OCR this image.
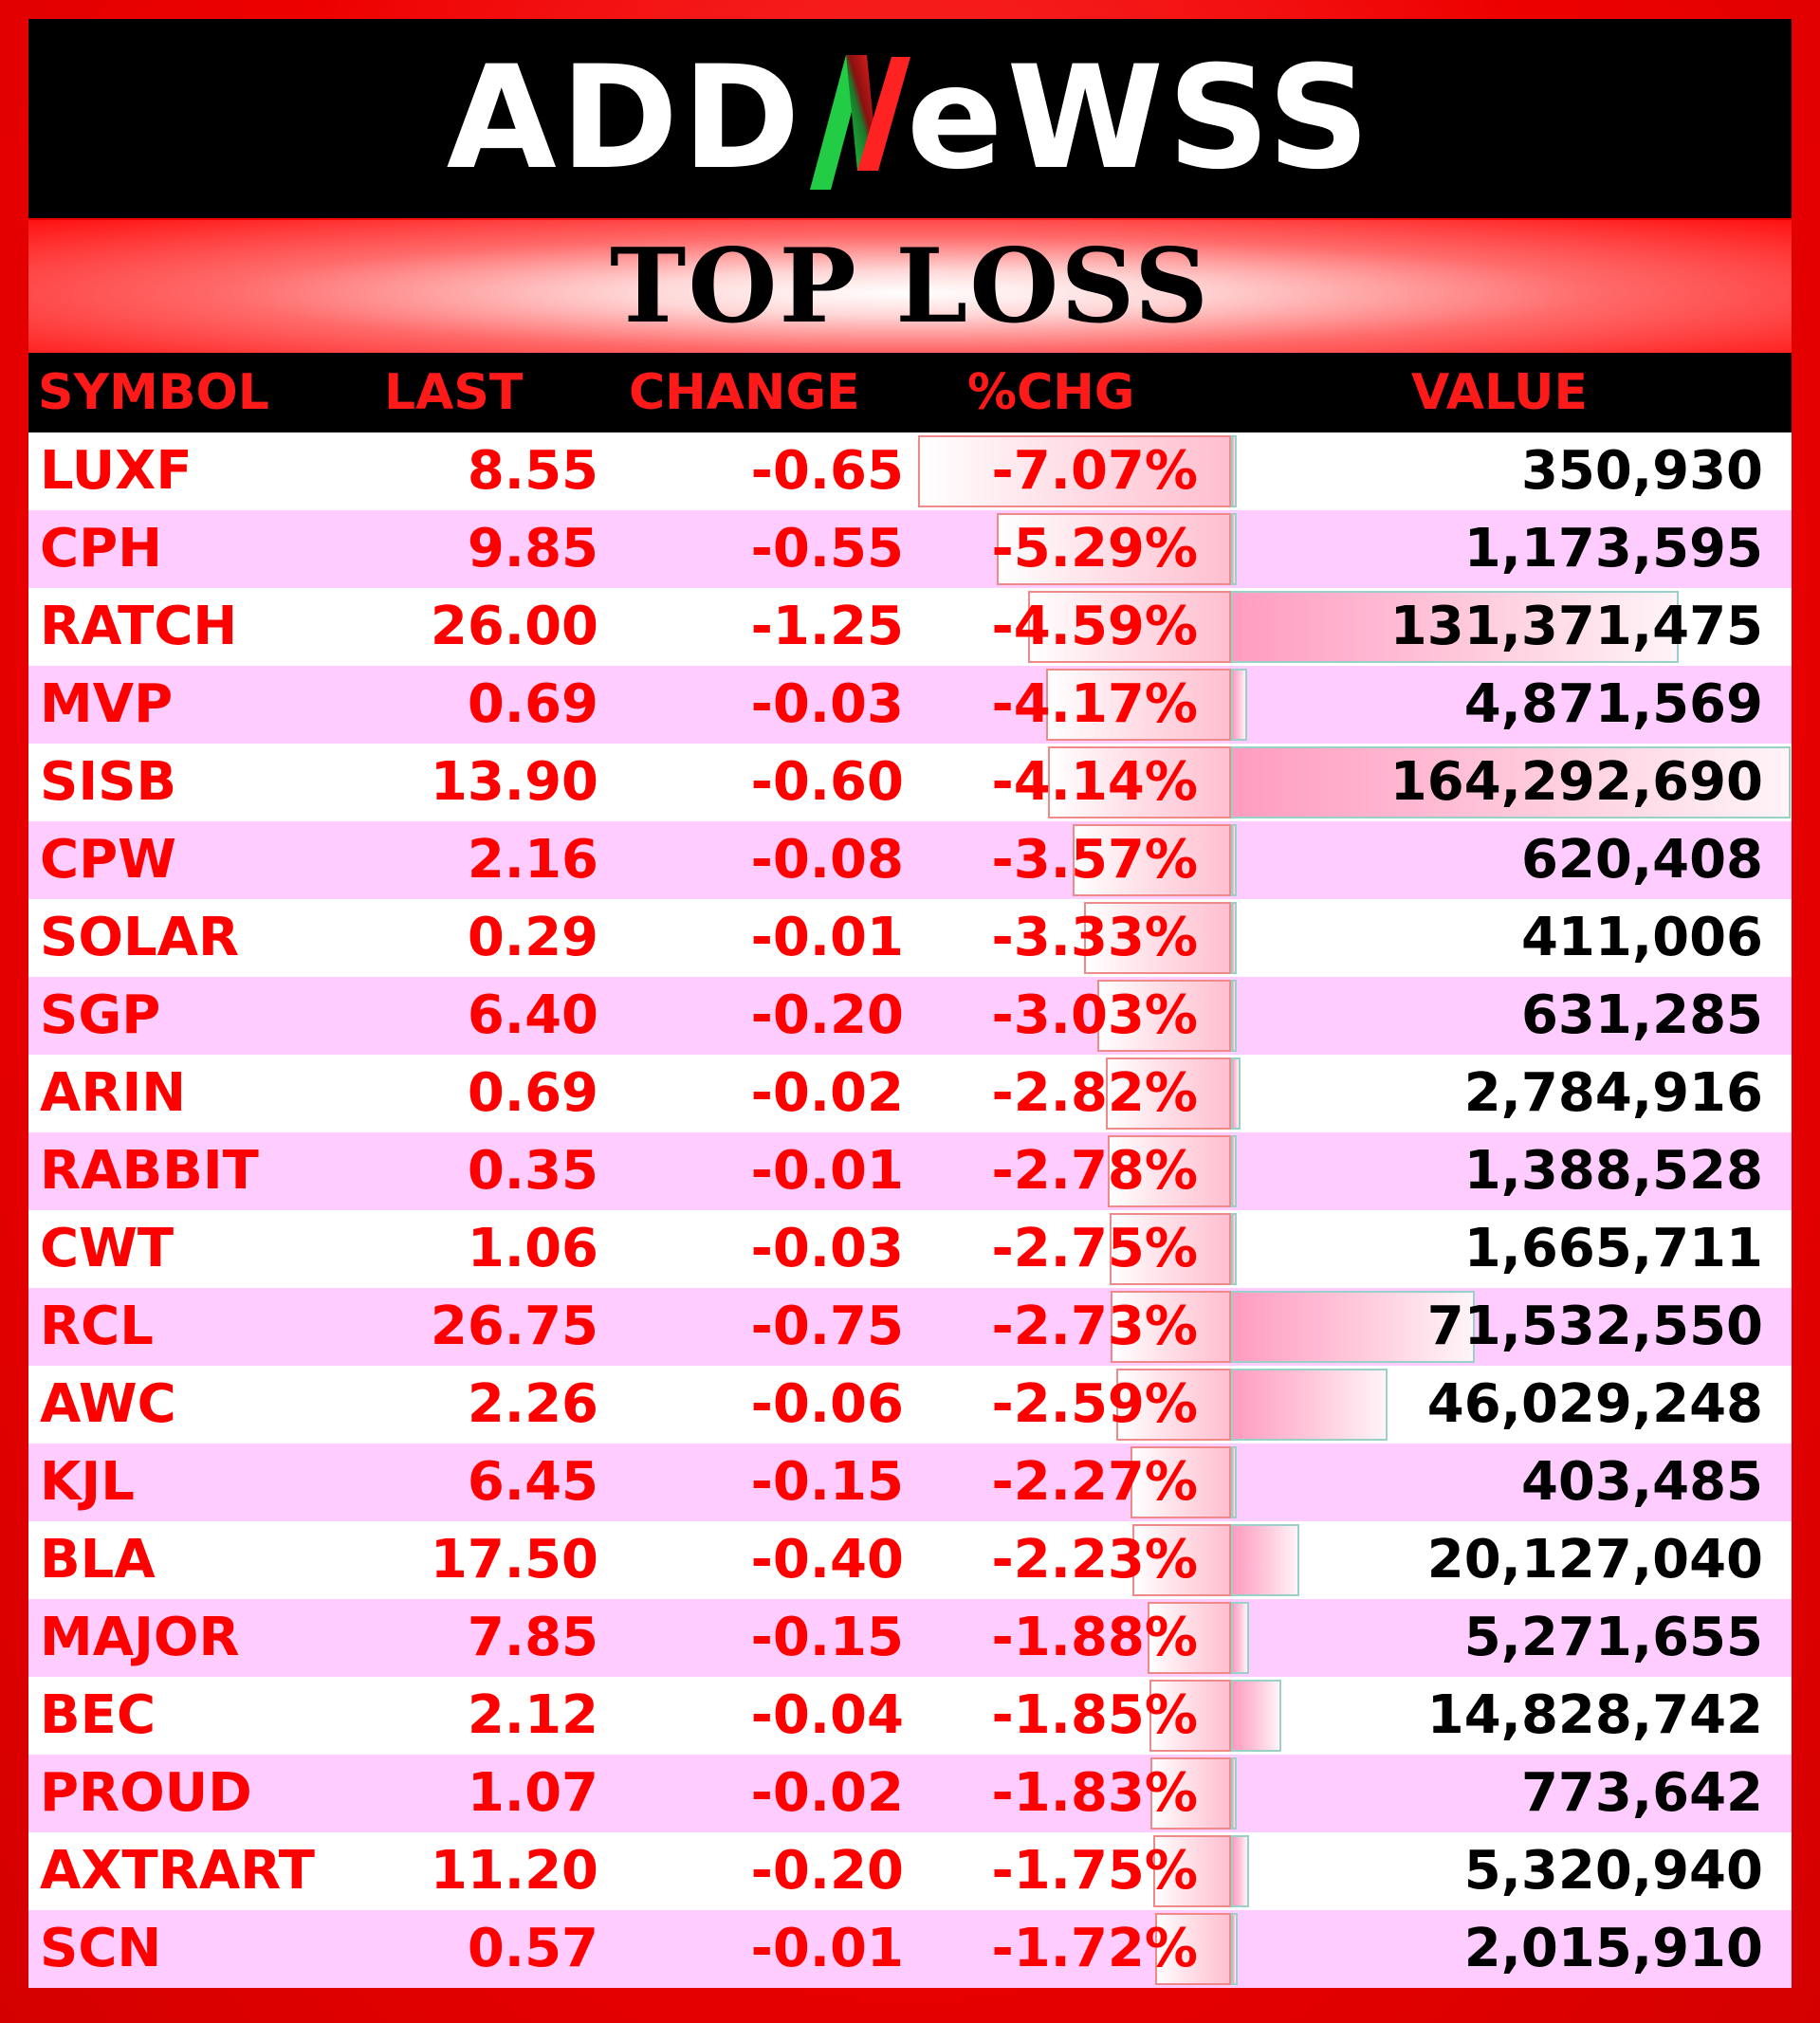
ADD eWSS
TOP LOSS
SYMBOL LAST CHANGE %CHG	VALUE
LUXF	8.55	-0.65 -7.07%	350,930
CPH	9.85	-0.55 -5.29%	1,173,595
RATCH	26.00	-1.25 -4.59%	131,371,475
MVP	0.69	-0.03 -4.17%	4,871,569
SISB	13.90	-0.60 -4.14%	164,292,690
CPW	2.16	-0.08 -3.57%	620,408
SOLAR	0.29	-0.01 -3.33%	411,006
SGP	6.40	-0.20 -3.03%	631,285
ARIN	0.69	-0.02 -2.82%	2,784,916
RABBIT	0.35	-0.01 -2.78%	1,388,528
CWT	1.06	-0.03 -2.75%	1,665,711
RCL	26.75	-0.75 -2.73%	71,532,550
AWC	2.26	-0.06 -2.59%	46,029,248
KJL	6.45	-0.15 -2.27%	403,485
BLA	17.50	-0.40 -2.23%	20,127,040
MAJOR	7.85	-0.15 -1.88%	5,271,655
BEC	2.12	-0.04 -1.85%	14,828,742
PROUD	1.07	-0.02 -1.83%	773,642
AXTRART 11.20	-0.20 -1.75%	5,320,940
SCN	0.57	-0.01 -1.72%	2,015,910
